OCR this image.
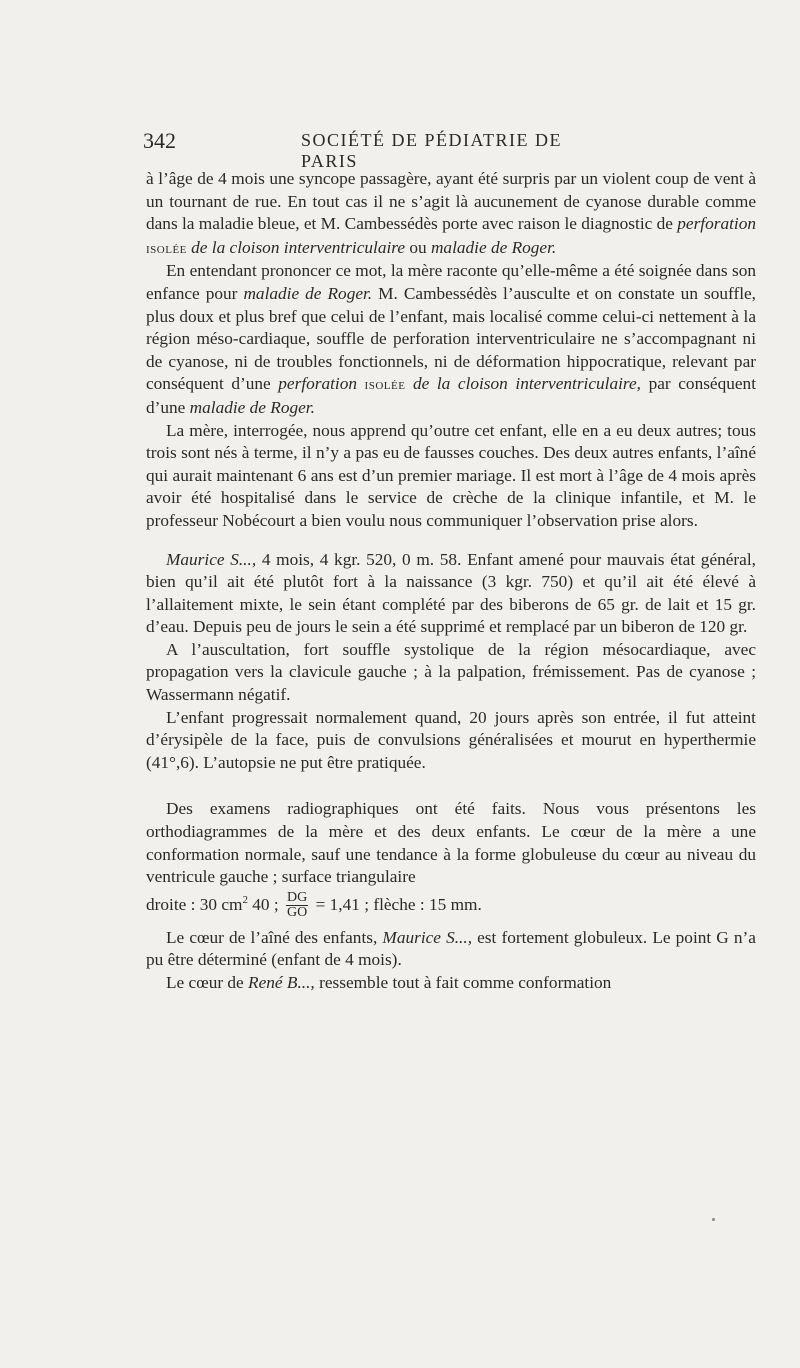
342	SOCIÉTÉ DE PÉDIATRIE DE PARIS

à l’âge de 4 mois une syncope passagère, ayant été surpris par un violent coup de vent à un tournant de rue. En tout cas il ne s’agit là aucunement de cyanose durable comme dans la maladie bleue, et M. Cambessédès porte avec raison le diagnostic de perforation isolée de la cloison interventriculaire ou maladie de Roger.

En entendant prononcer ce mot, la mère raconte qu’elle-même a été soignée dans son enfance pour maladie de Roger. M. Cambessédès l’ausculte et on constate un souffle, plus doux et plus bref que celui de l’enfant, mais localisé comme celui-ci nettement à la région méso-cardiaque, souffle de perforation interventriculaire ne s’accompagnant ni de cyanose, ni de troubles fonctionnels, ni de déformation hippocratique, relevant par conséquent d’une perforation isolée de la cloison interventriculaire, par conséquent d’une maladie de Roger.

La mère, interrogée, nous apprend qu’outre cet enfant, elle en a eu deux autres; tous trois sont nés à terme, il n’y a pas eu de fausses couches. Des deux autres enfants, l’aîné qui aurait maintenant 6 ans est d’un premier mariage. Il est mort à l’âge de 4 mois après avoir été hospitalisé dans le service de crèche de la clinique infantile, et M. le professeur Nobécourt a bien voulu nous communiquer l’observation prise alors.

Maurice S..., 4 mois, 4 kgr. 520, 0 m. 58. Enfant amené pour mauvais état général, bien qu’il ait été plutôt fort à la naissance (3 kgr. 750) et qu’il ait été élevé à l’allaitement mixte, le sein étant complété par des biberons de 65 gr. de lait et 15 gr. d’eau. Depuis peu de jours le sein a été supprimé et remplacé par un biberon de 120 gr.

A l’auscultation, fort souffle systolique de la région mésocardiaque, avec propagation vers la clavicule gauche ; à la palpation, frémissement. Pas de cyanose ; Wassermann négatif.

L’enfant progressait normalement quand, 20 jours après son entrée, il fut atteint d’érysipèle de la face, puis de convulsions généralisées et mourut en hyperthermie (41°,6). L’autopsie ne put être pratiquée.

Des examens radiographiques ont été faits. Nous vous présentons les orthodiagrammes de la mère et des deux enfants. Le cœur de la mère a une conformation normale, sauf une tendance à la forme globuleuse du cœur au niveau du ventricule gauche ; surface triangulaire

droite : 30 $cm^2$ 40 ; $\frac{DG}{GO} = 1,41$ ; flèche : 15 mm.

Le cœur de l’aîné des enfants, Maurice S..., est fortement globuleux. Le point G n’a pu être déterminé (enfant de 4 mois).

Le cœur de René B..., ressemble tout à fait comme conformation
